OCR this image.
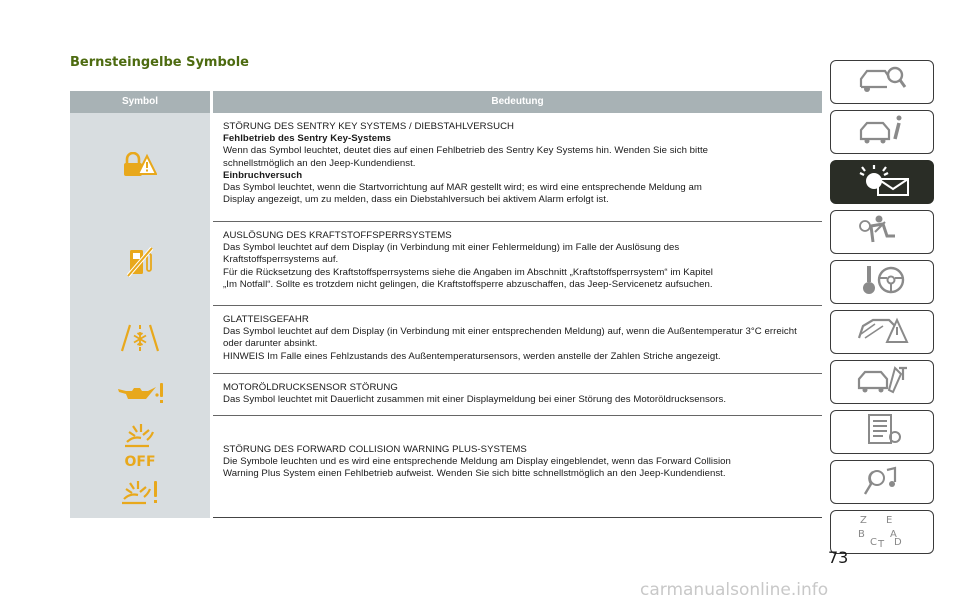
Bernsteingelbe Symbole
Symbol	Bedeutung
STÖRUNG DES SENTRY KEY SYSTEMS / DIEBSTAHLVERSUCH
Fehlbetrieb des Sentry Key-Systems
Wenn das Symbol leuchtet, deutet dies auf einen Fehlbetrieb des Sentry Key Systems hin. Wenden Sie sich bitte
schnellstmöglich an den Jeep-Kundendienst.
Einbruchversuch
Das Symbol leuchtet, wenn die Startvorrichtung auf MAR gestellt wird; es wird eine entsprechende Meldung am
Display angezeigt, um zu melden, dass ein Diebstahlversuch bei aktivem Alarm erfolgt ist.
AUSLÖSUNG DES KRAFTSTOFFSPERRSYSTEMS
Das Symbol leuchtet auf dem Display (in Verbindung mit einer Fehlermeldung) im Falle der Auslösung des
Kraftstoffsperrsystems auf.
Für die Rücksetzung des Kraftstoffsperrsystems siehe die Angaben im Abschnitt „Kraftstoffsperrsystem“ im Kapitel
„Im Notfall“. Sollte es trotzdem nicht gelingen, die Kraftstoffsperre abzuschaffen, das Jeep-Servicenetz aufsuchen.
GLATTEISGEFAHR
Das Symbol leuchtet auf dem Display (in Verbindung mit einer entsprechenden Meldung) auf, wenn die Außentemperatur 3°C erreicht
oder darunter absinkt.
HINWEIS Im Falle eines Fehlzustands des Außentemperatursensors, werden anstelle der Zahlen Striche angezeigt.
MOTORÖLDRUCKSENSOR STÖRUNG
Das Symbol leuchtet mit Dauerlicht zusammen mit einer Displaymeldung bei einer Störung des Motoröldrucksensors.
OFF
STÖRUNG DES FORWARD COLLISION WARNING PLUS-SYSTEMS
Die Symbole leuchten und es wird eine entsprechende Meldung am Display eingeblendet, wenn das Forward Collision
Warning Plus System einen Fehlbetrieb aufweist. Wenden Sie sich bitte schnellstmöglich an den Jeep-Kundendienst.
Z E
B	A
C T D
73
carmanualsonline.info
